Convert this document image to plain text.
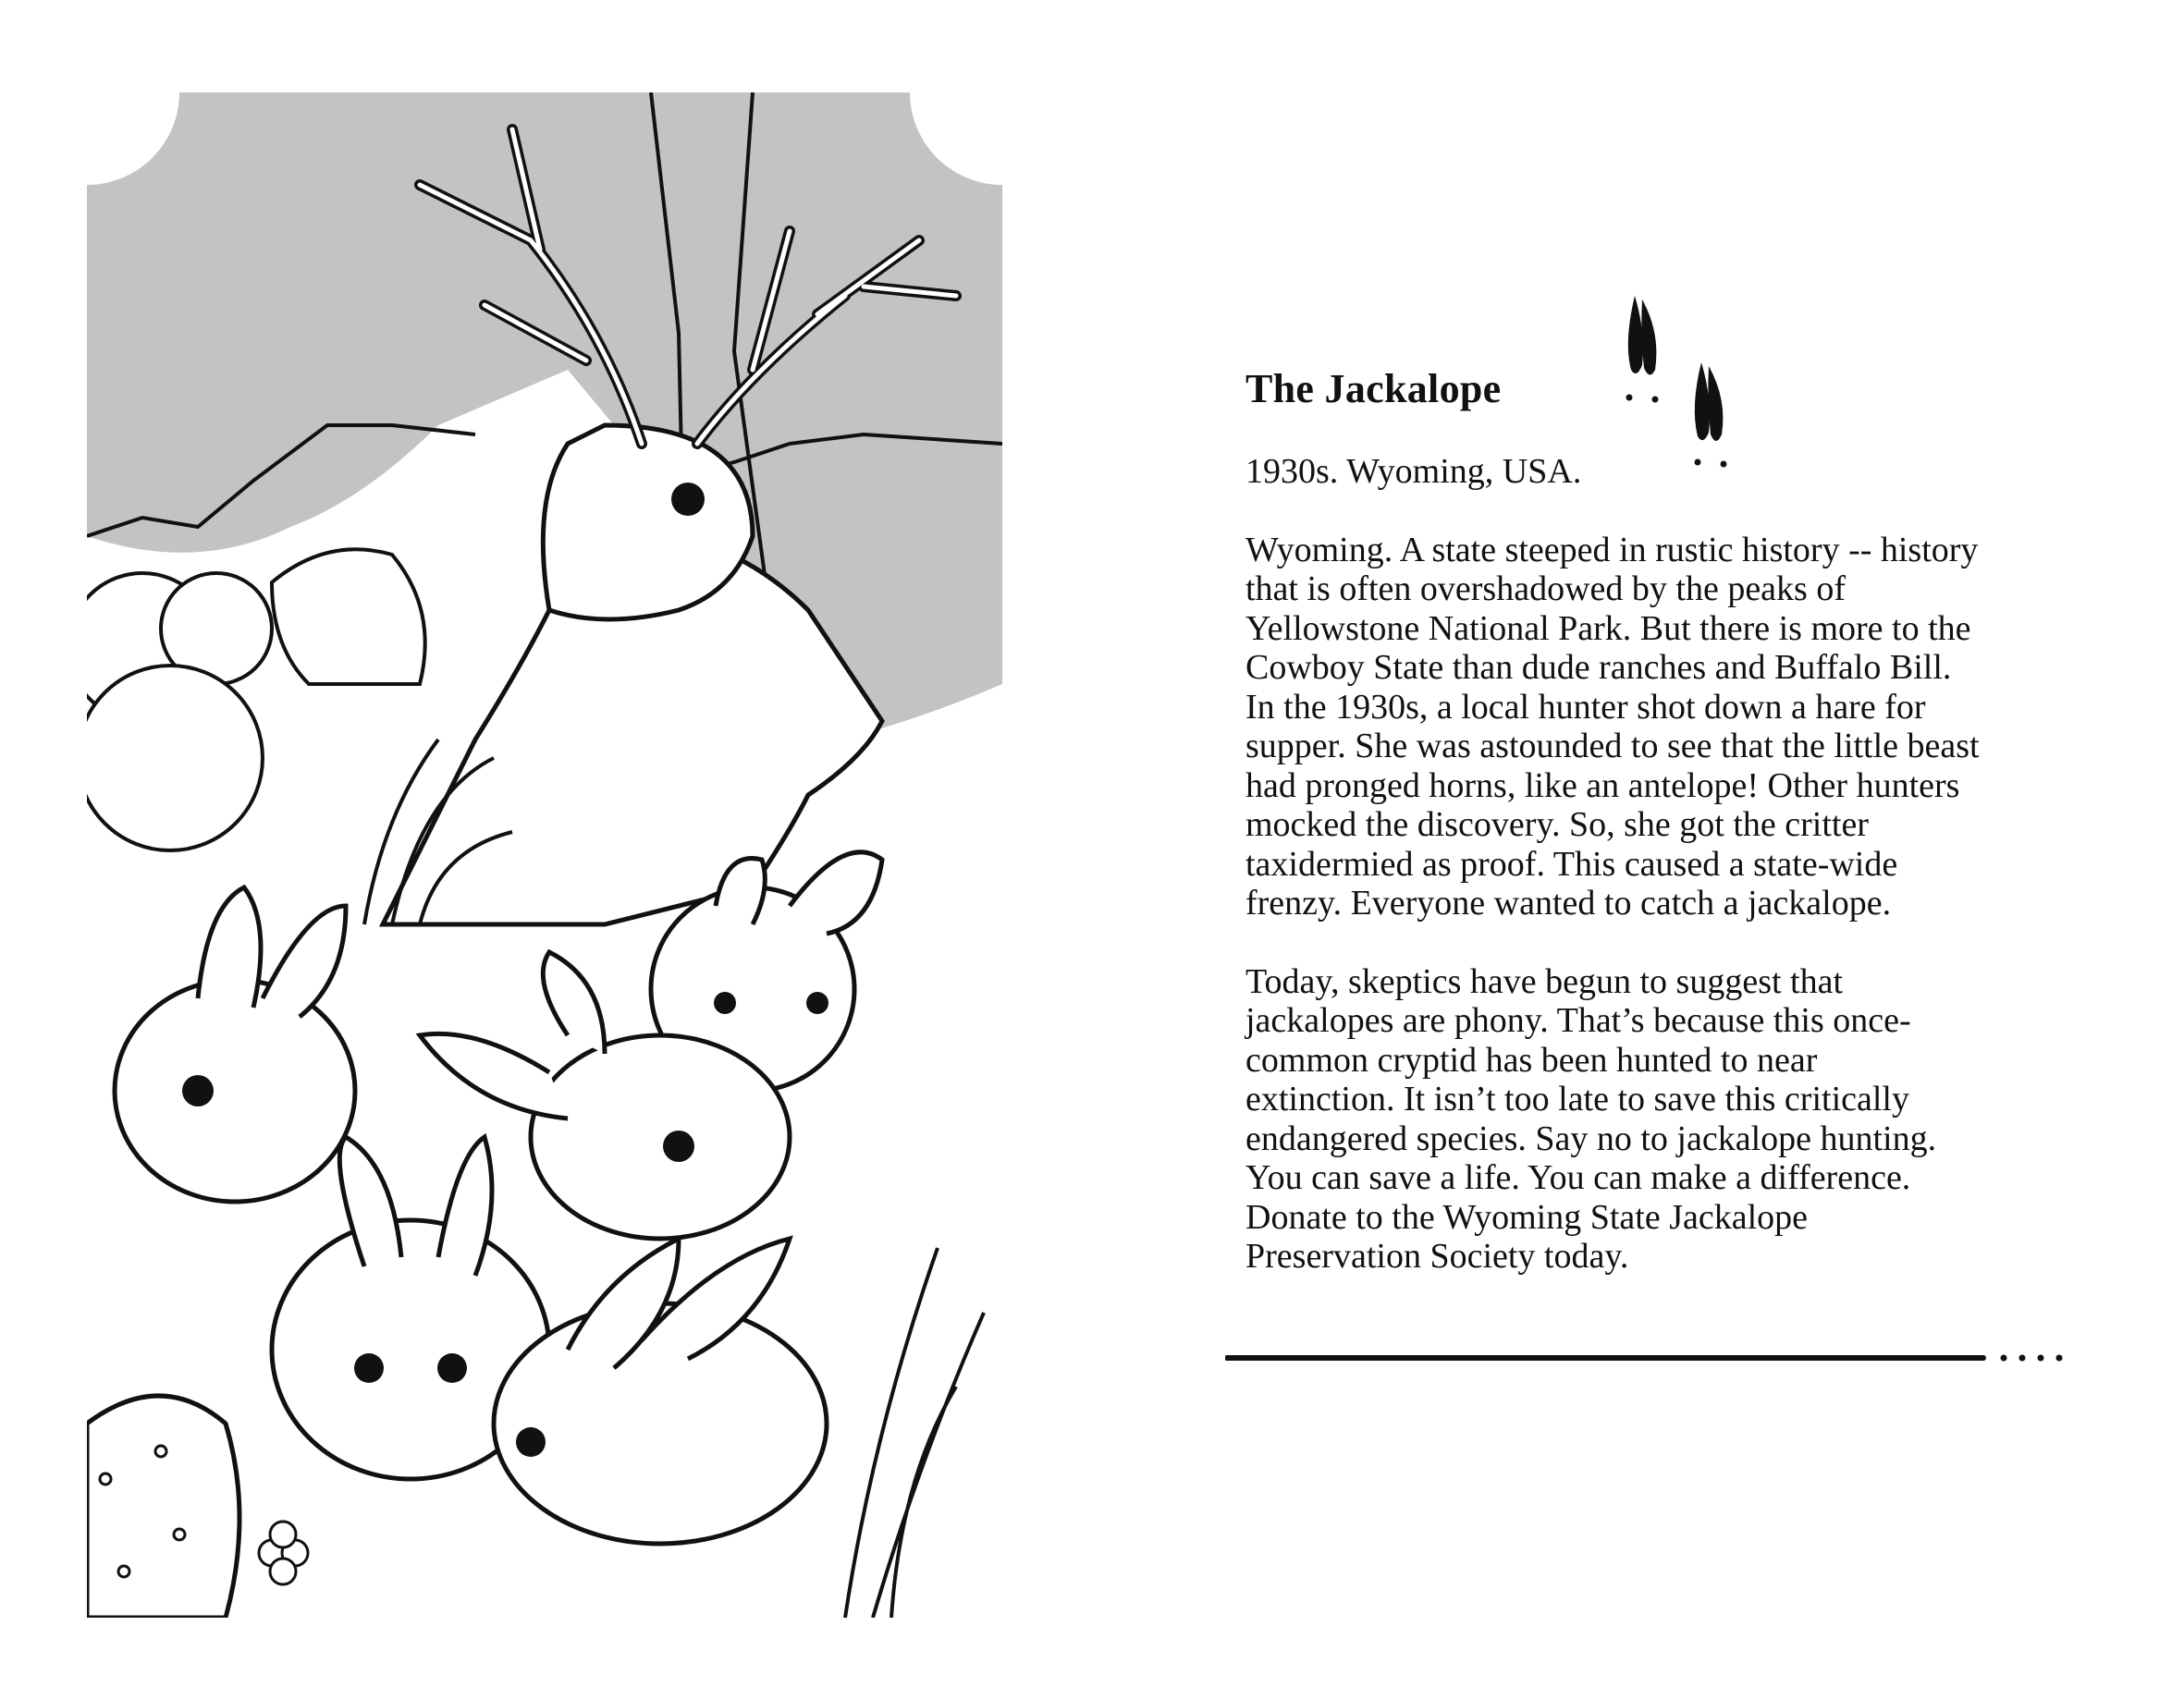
The Jackalope

1930s. Wyoming, USA.

Wyoming. A state steeped in rustic history -- history
that is often overshadowed by the peaks of
Yellowstone National Park. But there is more to the
Cowboy State than dude ranches and Buffalo Bill.
In the 1930s, a local hunter shot down a hare for
supper. She was astounded to see that the little beast
had pronged horns, like an antelope! Other hunters
mocked the discovery. So, she got the critter
taxidermied as proof. This caused a state-wide
frenzy. Everyone wanted to catch a jackalope.

Today, skeptics have begun to suggest that
jackalopes are phony. That’s because this once-
common cryptid has been hunted to near
extinction. It isn’t too late to save this critically
endangered species. Say no to jackalope hunting.
You can save a life. You can make a difference.
Donate to the Wyoming State Jackalope
Preservation Society today.
